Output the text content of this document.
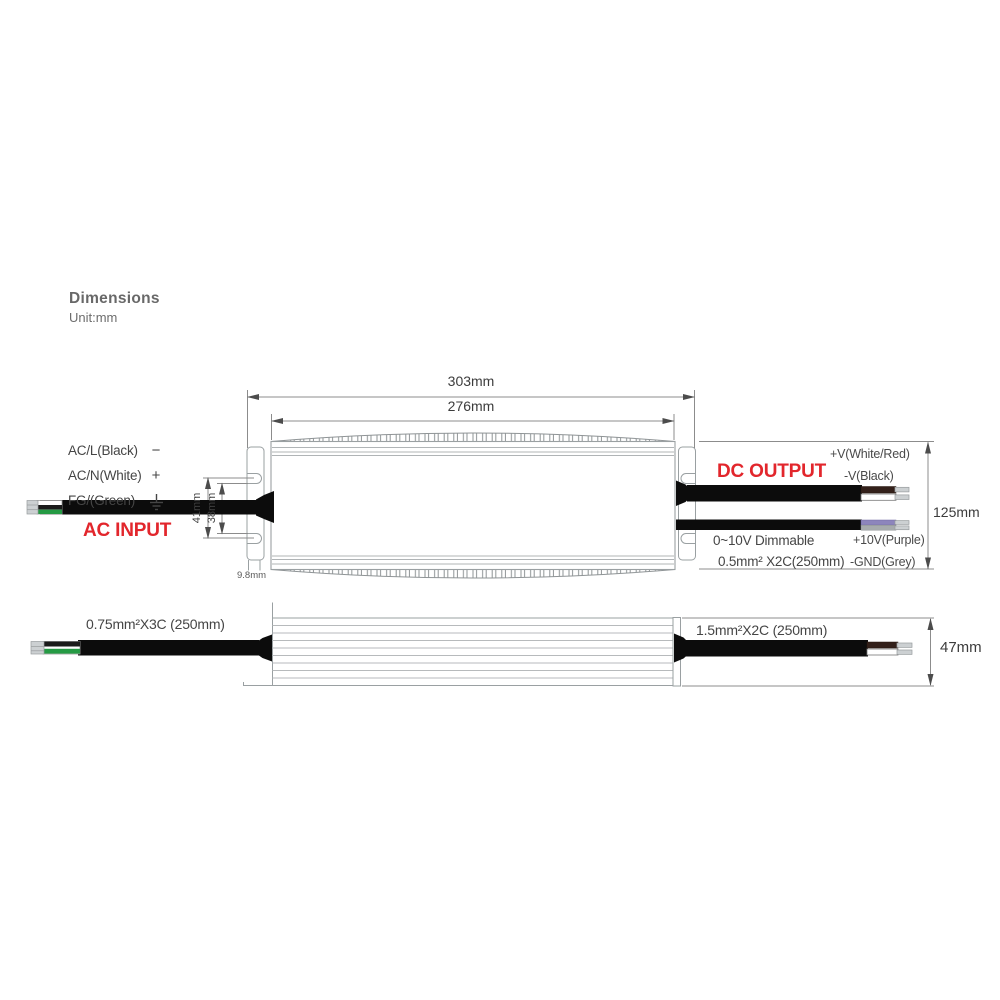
Dimensions
Unit:mm
303mm
276mm
125mm
AC/L(Black) −
AC/N(White) +
FG/(Green)
AC INPUT
DC OUTPUT
+V(White/Red)
-V(Black)
0~10V Dimmable
0.5mm² X2C(250mm)
+10V(Purple)
-GND(Grey)
41mm 38mm
9.8mm
0.75mm²X3C (250mm)	1.5mm²X2C (250mm)
47mm
